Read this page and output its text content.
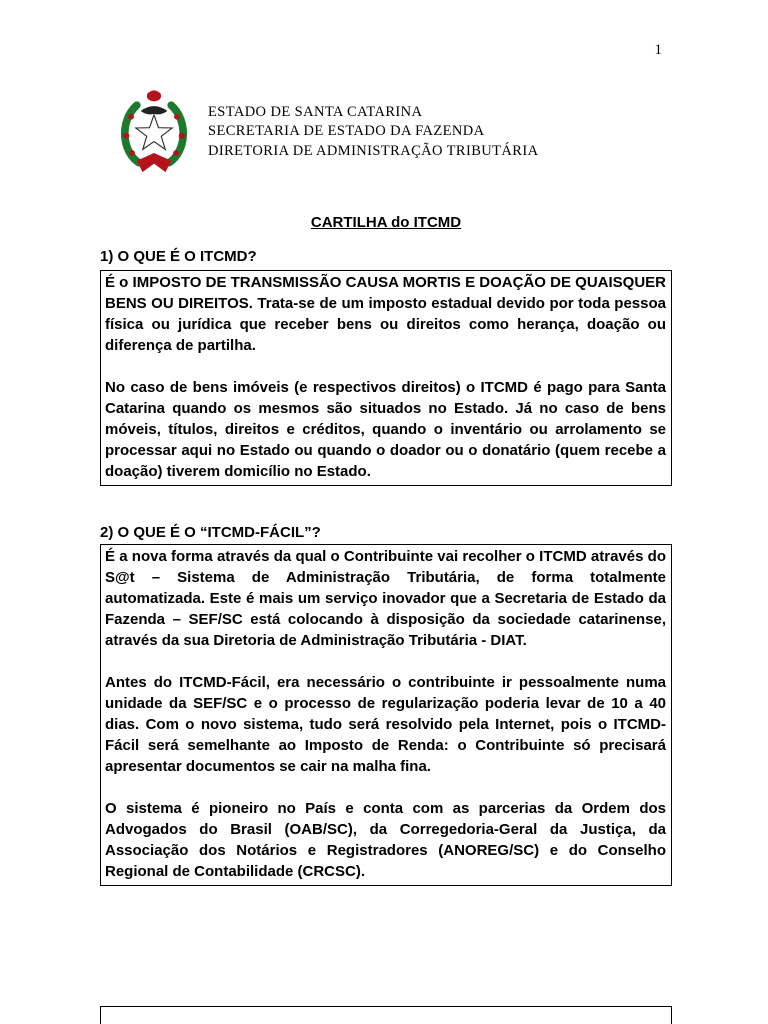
1
ESTADO DE SANTA CATARINA
SECRETARIA DE ESTADO DA FAZENDA
DIRETORIA DE ADMINISTRAÇÃO TRIBUTÁRIA
CARTILHA do ITCMD
1) O QUE É O ITCMD?

É o IMPOSTO DE TRANSMISSÃO CAUSA MORTIS E DOAÇÃO DE QUAISQUER BENS OU DIREITOS. Trata-se de um imposto estadual devido por toda pessoa física ou jurídica que receber bens ou direitos como herança, doação ou diferença de partilha.

No caso de bens imóveis (e respectivos direitos) o ITCMD é pago para Santa Catarina quando os mesmos são situados no Estado. Já no caso de bens móveis, títulos, direitos e créditos, quando o inventário ou arrolamento se processar aqui no Estado ou quando o doador ou o donatário (quem recebe a doação) tiverem domicílio no Estado.

2) O QUE É O “ITCMD-FÁCIL”?

É a nova forma através da qual o Contribuinte vai recolher o ITCMD através do S@t – Sistema de Administração Tributária, de forma totalmente automatizada. Este é mais um serviço inovador que a Secretaria de Estado da Fazenda – SEF/SC está colocando à disposição da sociedade catarinense, através da sua Diretoria de Administração Tributária - DIAT.

Antes do ITCMD-Fácil, era necessário o contribuinte ir pessoalmente numa unidade da SEF/SC e o processo de regularização poderia levar de 10 a 40 dias. Com o novo sistema, tudo será resolvido pela Internet, pois o ITCMD-Fácil será semelhante ao Imposto de Renda: o Contribuinte só precisará apresentar documentos se cair na malha fina.

O sistema é pioneiro no País e conta com as parcerias da Ordem dos Advogados do Brasil (OAB/SC), da Corregedoria-Geral da Justiça, da Associação dos Notários e Registradores (ANOREG/SC) e do Conselho Regional de Contabilidade (CRCSC).
